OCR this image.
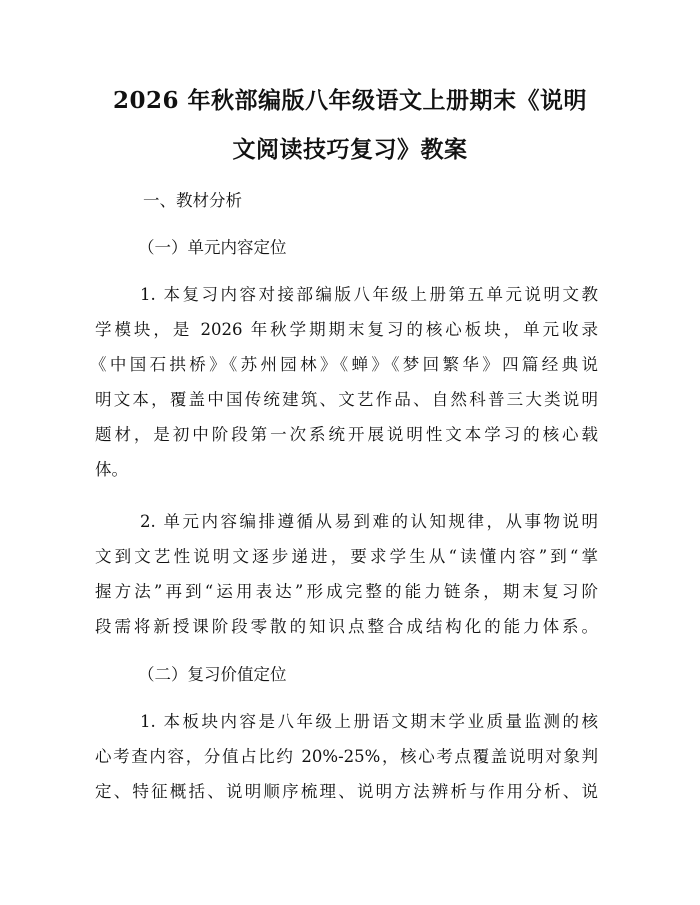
2026 年秋部编版八年级语文上册期末《说明
文阅读技巧复习》教案
一、教材分析
（一）单元内容定位
1. 本复习内容对接部编版八年级上册第五单元说明文教
学模块，是 2026 年秋学期期末复习的核心板块，单元收录
《中国石拱桥》《苏州园林》《蝉》《梦回繁华》四篇经典说
明文本，覆盖中国传统建筑、文艺作品、自然科普三大类说明
题材，是初中阶段第一次系统开展说明性文本学习的核心载
体。
2. 单元内容编排遵循从易到难的认知规律，从事物说明
文到文艺性说明文逐步递进，要求学生从“读懂内容”到“掌
握方法”再到“运用表达”形成完整的能力链条，期末复习阶
段需将新授课阶段零散的知识点整合成结构化的能力体系。
（二）复习价值定位
1. 本板块内容是八年级上册语文期末学业质量监测的核
心考查内容，分值占比约 20%-25%，核心考点覆盖说明对象判
定、特征概括、说明顺序梳理、说明方法辨析与作用分析、说
